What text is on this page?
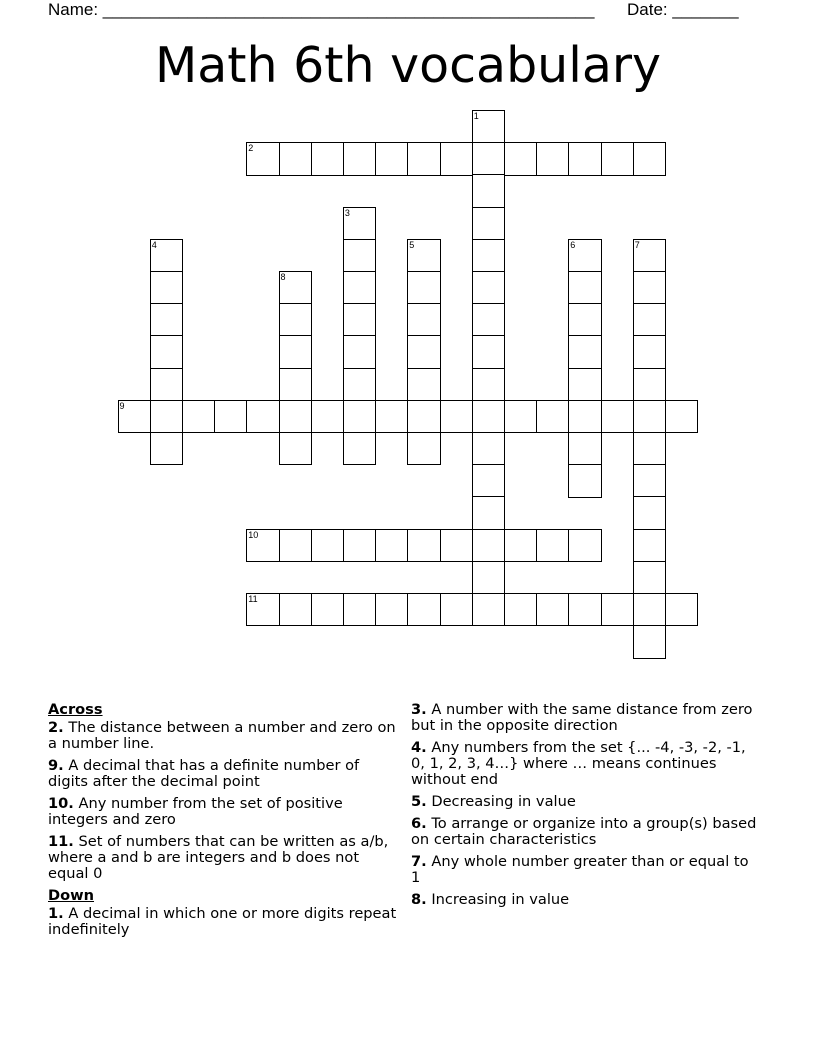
Name: ____________________________________________________ Date: _______
Math 6th vocabulary
1
2
3
4	5	6	7
8
9
10
11
Across
2. The distance between a number and zero on a number line.
9. A decimal that has a definite number of digits after the decimal point
10. Any number from the set of positive integers and zero
11. Set of numbers that can be written as a/b, where a and b are integers and b does not equal 0
Down
1. A decimal in which one or more digits repeat indefinitely
3. A number with the same distance from zero but in the opposite direction
4. Any numbers from the set {... -4, -3, -2, -1, 0, 1, 2, 3, 4…} where … means continues without end
5. Decreasing in value
6. To arrange or organize into a group(s) based on certain characteristics
7. Any whole number greater than or equal to 1
8. Increasing in value
